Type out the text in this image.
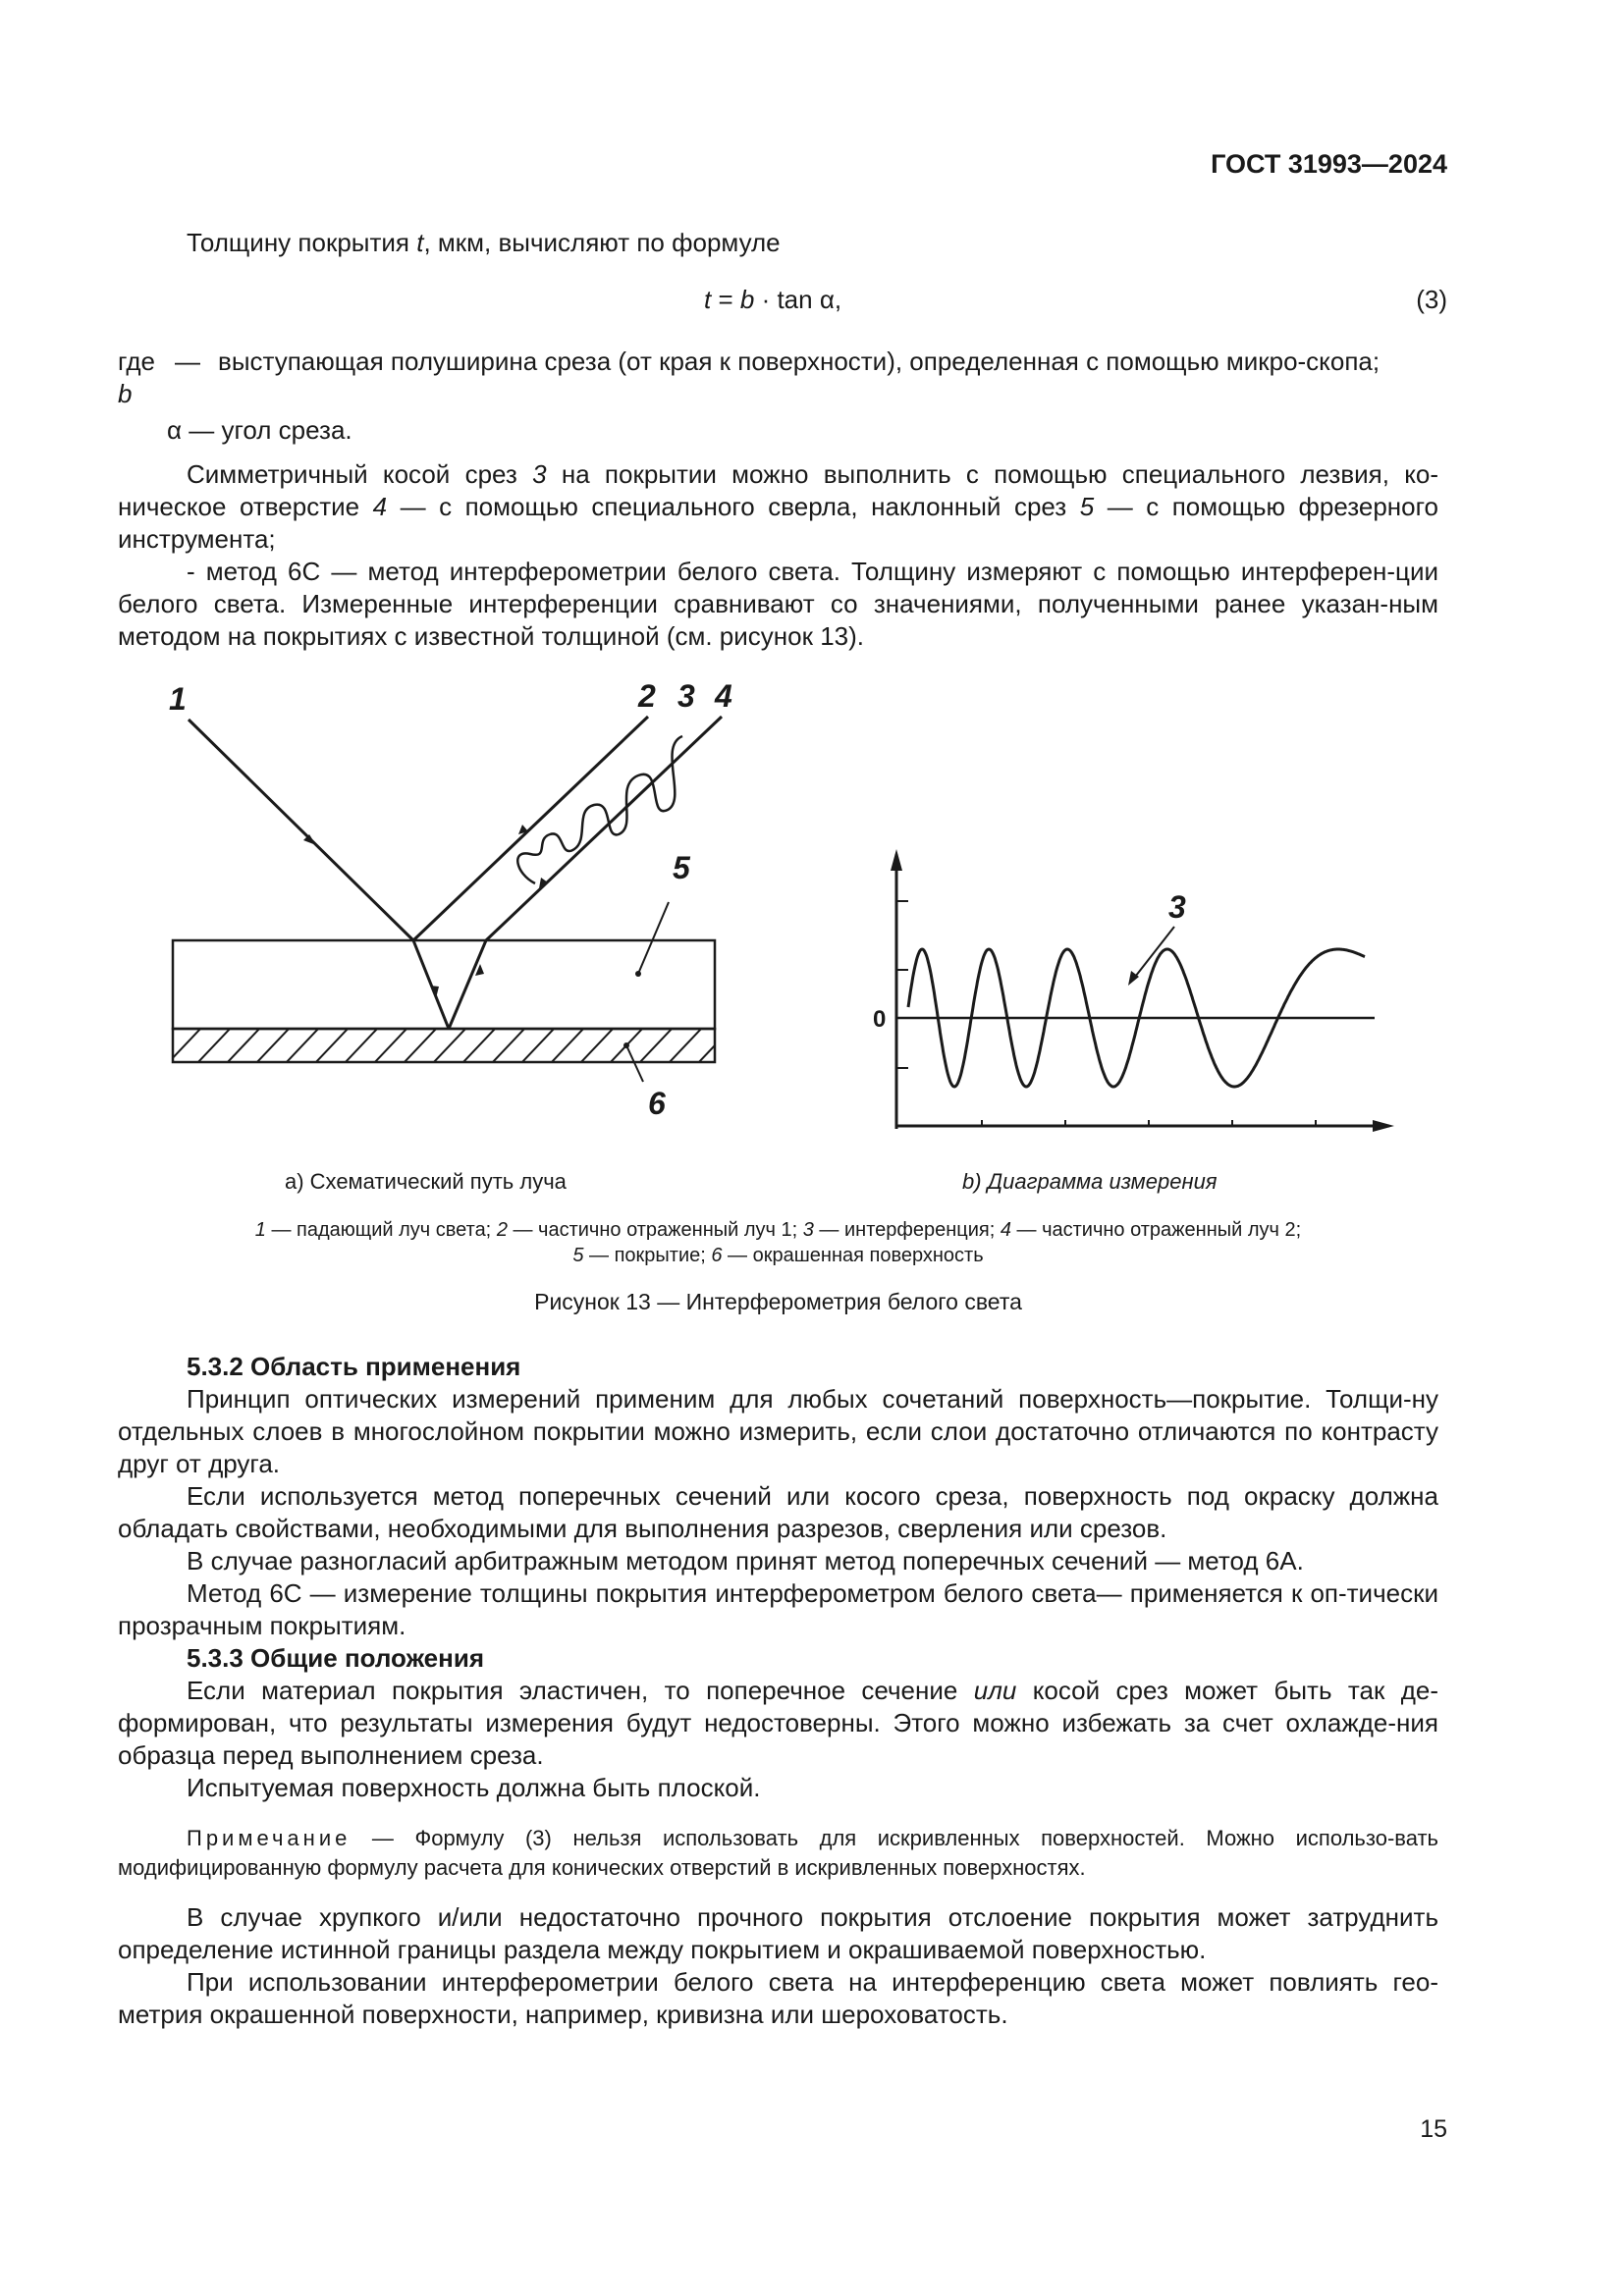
ГОСТ 31993—2024
Толщину покрытия t, мкм, вычисляют по формуле
t = b · tan α,	(3)
где b
— выступающая полуширина среза (от края к поверхности), определенная с помощью микро-скопа;
α — угол среза.
Симметричный косой срез 3 на покрытии можно выполнить с помощью специального лезвия, ко-ническое отверстие 4 — с помощью специального сверла, наклонный срез 5 — с помощью фрезерного инструмента;
- метод 6С — метод интерферометрии белого света. Толщину измеряют с помощью интерферен-ции белого света. Измеренные интерференции сравнивают со значениями, полученными ранее указан-ным методом на покрытиях с известной толщиной (см. рисунок 13).
1	2 3 4
5
6
3
0
а) Схематический путь луча	b) Диаграмма измерения
1 — падающий луч света; 2 — частично отраженный луч 1; 3 — интерференция; 4 — частично отраженный луч 2;
5 — покрытие; 6 — окрашенная поверхность
Рисунок 13 — Интерферометрия белого света
5.3.2 Область применения
Принцип оптических измерений применим для любых сочетаний поверхность—покрытие. Толщи-ну отдельных слоев в многослойном покрытии можно измерить, если слои достаточно отличаются по контрасту друг от друга.
Если используется метод поперечных сечений или косого среза, поверхность под окраску должна обладать свойствами, необходимыми для выполнения разрезов, сверления или срезов.
В случае разногласий арбитражным методом принят метод поперечных сечений — метод 6А.
Метод 6С — измерение толщины покрытия интерферометром белого света— применяется к оп-тически прозрачным покрытиям.
5.3.3 Общие положения
Если материал покрытия эластичен, то поперечное сечение или косой срез может быть так де-формирован, что результаты измерения будут недостоверны. Этого можно избежать за счет охлажде-ния образца перед выполнением среза.
Испытуемая поверхность должна быть плоской.
Примечание — Формулу (3) нельзя использовать для искривленных поверхностей. Можно использо-вать модифицированную формулу расчета для конических отверстий в искривленных поверхностях.
В случае хрупкого и/или недостаточно прочного покрытия отслоение покрытия может затруднить определение истинной границы раздела между покрытием и окрашиваемой поверхностью.
При использовании интерферометрии белого света на интерференцию света может повлиять гео-метрия окрашенной поверхности, например, кривизна или шероховатость.
15
